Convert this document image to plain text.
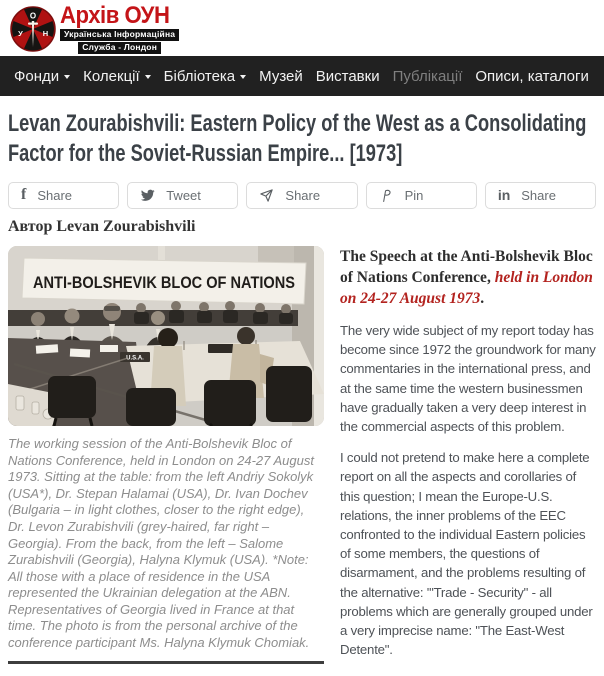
О
У	Н
Архів ОУН
Українська Інформаційна
Служба - Лондон
Фонди Колекції Бібліотека Музей Виставки Публікації Описи, каталоги
Levan Zourabishvili: Eastern Policy of the West as a Consolidating Factor for the Soviet-Russian Empire... [1973]
f Share	Tweet	Share	Pin	in Share
Автор Levan Zourabishvili
ANTI-BOLSHEVIK BLOC OF NATIONS
U.S.A.
The working session of the Anti-Bolshevik Bloc of Nations Conference, held in London on 24-27 August 1973. Sitting at the table: from the left Andriy Sokolyk (USA*), Dr. Stepan Halamai (USA), Dr. Ivan Dochev (Bulgaria – in light clothes, closer to the right edge), Dr. Levon Zurabishvili (grey-haired, far right – Georgia). From the back, from the left – Salome Zurabishvili (Georgia), Halyna Klymuk (USA). *Note: All those with a place of residence in the USA represented the Ukrainian delegation at the ABN. Representatives of Georgia lived in France at that time. The photo is from the personal archive of the conference participant Ms. Halyna Klymuk Chomiak.

The Speech at the Anti-Bolshevik Bloc of Nations Conference, held in London on 24-27 August 1973.

The very wide subject of my report today has become since 1972 the groundwork for many commentaries in the international press, and at the same time the western businessmen have gradually taken a very deep interest in the commercial aspects of this problem.

I could not pretend to make here a complete report on all the aspects and corollaries of this question; I mean the Europe-U.S. relations, the inner problems of the EEC confronted to the individual Eastern policies of some members, the questions of disarmament, and the problems resulting of the alternative: '"Trade - Security" - all problems which are generally grouped under a very imprecise name: "The East-West Detente".
